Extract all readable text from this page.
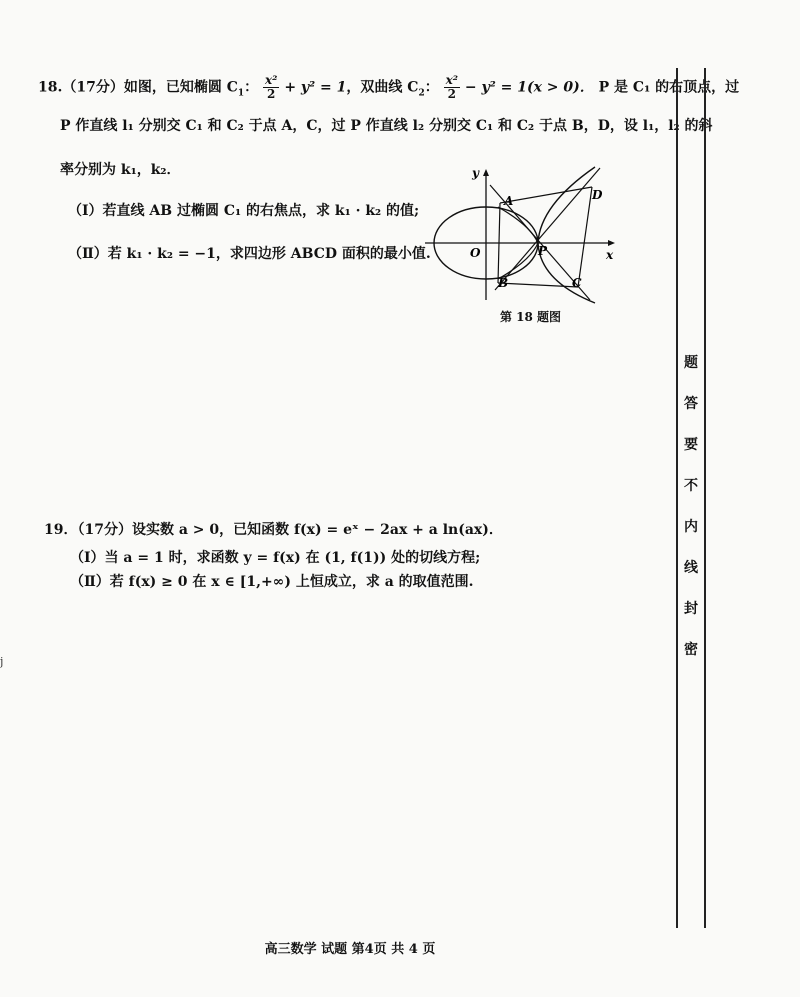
18.（17分）如图，已知椭圆 $C_1$： $\frac{\text{x²}}{2} + y^2 = 1$，双曲线 $C_2$： $\frac{\text{x²}}{2} - y^2 = 1(x > 0)$． P 是 C₁ 的右顶点，过
P 作直线 l₁ 分别交 C₁ 和 C₂ 于点 A，C，过 P 作直线 l₂ 分别交 C₁ 和 C₂ 于点 B，D，设 l₁，l₂ 的斜
率分别为 k₁，k₂．
（Ⅰ）若直线 AB 过椭圆 C₁ 的右焦点，求 k₁ · k₂ 的值;
（Ⅱ）若 k₁ · k₂ = −1，求四边形 ABCD 面积的最小值.
y
x
O	P
A
B	C
D
第 18 题图
19．（17分）设实数 a > 0，已知函数 f(x) = eˣ − 2ax + a ln(ax)．
（Ⅰ）当 a = 1 时，求函数 y = f(x) 在 (1, f(1)) 处的切线方程;
（Ⅱ）若 f(x) ≥ 0 在 x ∈ [1,+∞) 上恒成立，求 a 的取值范围.
j
题
答
要
不
内
线
封
密
高三数学 试题 第4页 共 4 页
